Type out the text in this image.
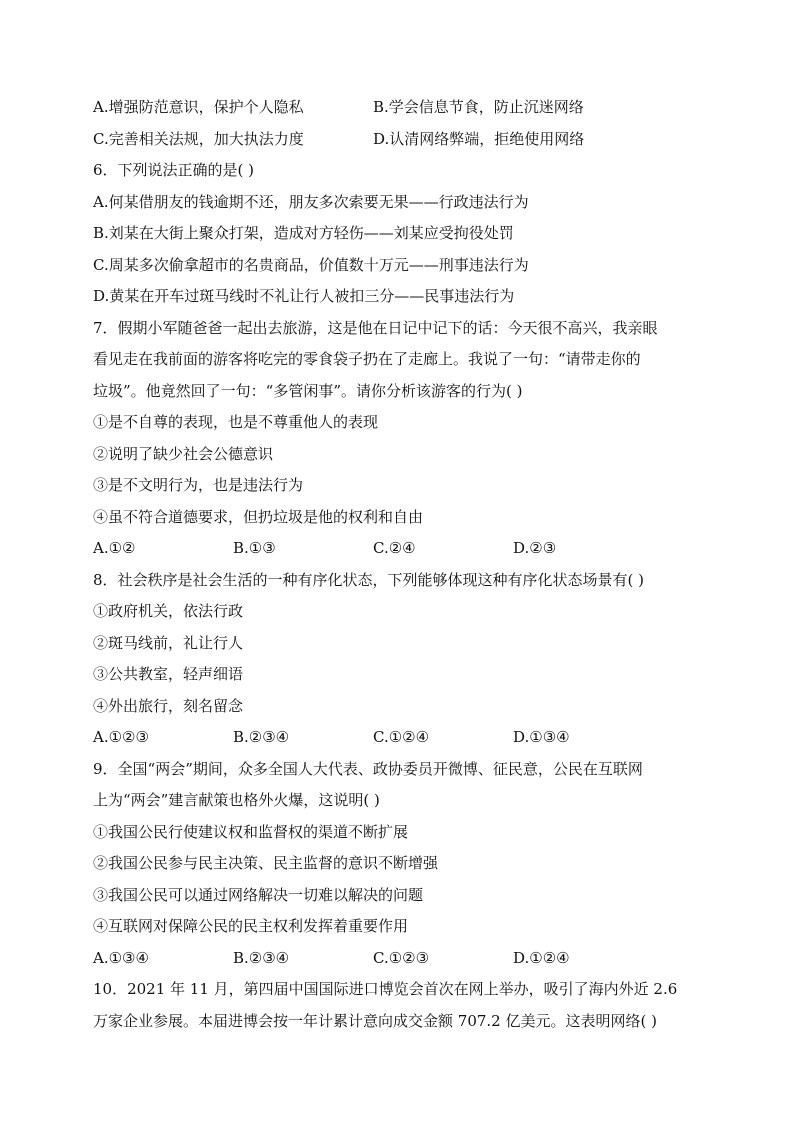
A.增强防范意识，保护个人隐私	B.学会信息节食，防止沉迷网络
C.完善相关法规，加大执法力度	D.认清网络弊端，拒绝使用网络
6．下列说法正确的是( )
A.何某借朋友的钱逾期不还，朋友多次索要无果——行政违法行为
B.刘某在大街上聚众打架，造成对方轻伤——刘某应受拘役处罚
C.周某多次偷拿超市的名贵商品，价值数十万元——刑事违法行为
D.黄某在开车过斑马线时不礼让行人被扣三分——民事违法行为
7．假期小军随爸爸一起出去旅游，这是他在日记中记下的话：今天很不高兴，我亲眼
看见走在我前面的游客将吃完的零食袋子扔在了走廊上。我说了一句：“请带走你的
垃圾”。他竟然回了一句：“多管闲事”。请你分析该游客的行为( )
①是不自尊的表现，也是不尊重他人的表现
②说明了缺少社会公德意识
③是不文明行为，也是违法行为
④虽不符合道德要求，但扔垃圾是他的权利和自由
A.①②	B.①③	C.②④	D.②③
8．社会秩序是社会生活的一种有序化状态，下列能够体现这种有序化状态场景有( )
①政府机关，依法行政
②斑马线前，礼让行人
③公共教室，轻声细语
④外出旅行，刻名留念
A.①②③	B.②③④	C.①②④	D.①③④
9．全国“两会”期间，众多全国人大代表、政协委员开微博、征民意，公民在互联网
上为“两会”建言献策也格外火爆，这说明( )
①我国公民行使建议权和监督权的渠道不断扩展
②我国公民参与民主决策、民主监督的意识不断增强
③我国公民可以通过网络解决一切难以解决的问题
④互联网对保障公民的民主权利发挥着重要作用
A.①③④	B.②③④	C.①②③	D.①②④
10．2021 年 11 月，第四届中国国际进口博览会首次在网上举办，吸引了海内外近 2.6
万家企业参展。本届进博会按一年计累计意向成交金额 707.2 亿美元。这表明网络( )
